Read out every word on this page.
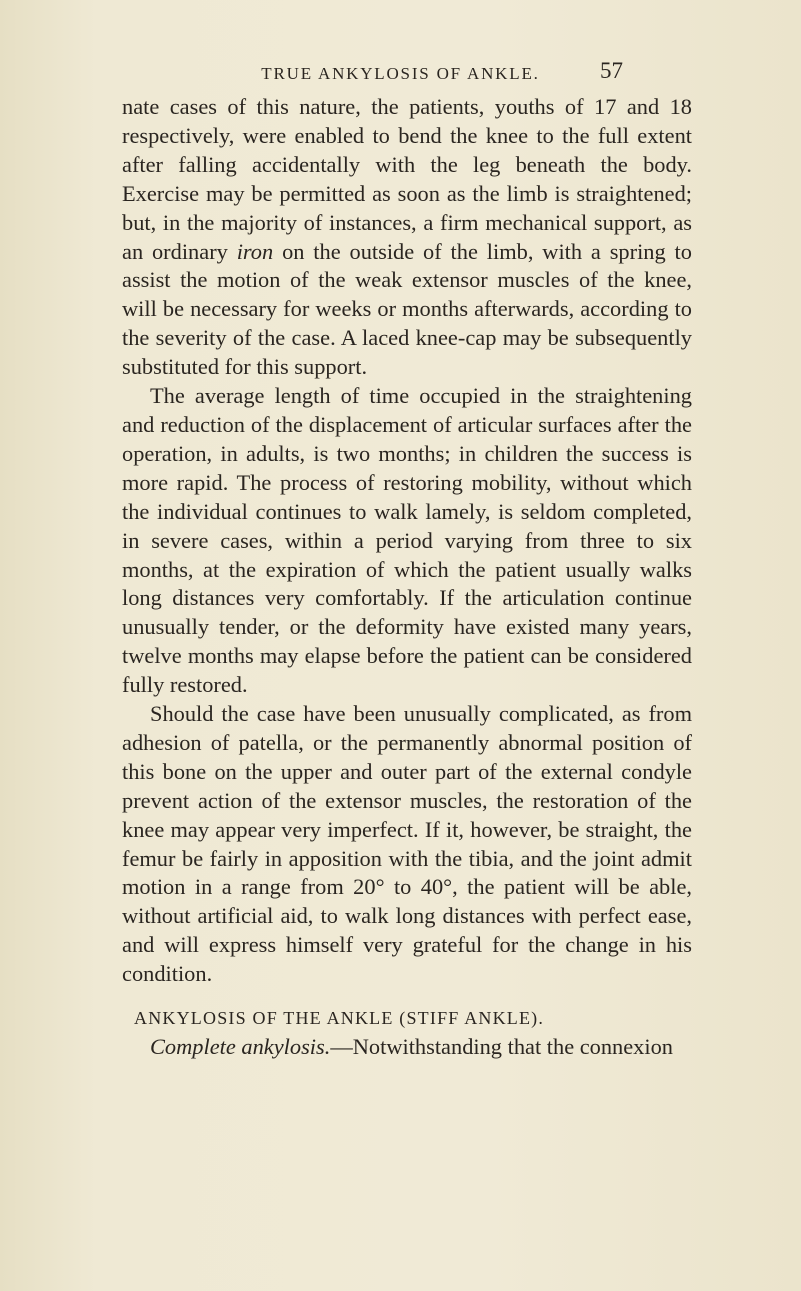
TRUE ANKYLOSIS OF ANKLE.	57

nate cases of this nature, the patients, youths of 17 and 18 respectively, were enabled to bend the knee to the full extent after falling accidentally with the leg beneath the body. Exercise may be permitted as soon as the limb is straightened; but, in the majority of instances, a firm mechanical support, as an ordinary iron on the outside of the limb, with a spring to assist the motion of the weak extensor muscles of the knee, will be necessary for weeks or months afterwards, according to the severity of the case. A laced knee-cap may be subsequently substituted for this support.

The average length of time occupied in the straightening and reduction of the displacement of articular surfaces after the operation, in adults, is two months; in children the success is more rapid. The process of restoring mobility, without which the individual continues to walk lamely, is seldom completed, in severe cases, within a period varying from three to six months, at the expiration of which the patient usually walks long distances very comfortably. If the articulation continue unusually tender, or the deformity have existed many years, twelve months may elapse before the patient can be considered fully restored.

Should the case have been unusually complicated, as from adhesion of patella, or the permanently abnormal position of this bone on the upper and outer part of the external condyle prevent action of the extensor muscles, the restoration of the knee may appear very imperfect. If it, however, be straight, the femur be fairly in apposition with the tibia, and the joint admit motion in a range from 20° to 40°, the patient will be able, without artificial aid, to walk long distances with perfect ease, and will express himself very grateful for the change in his condition.

ANKYLOSIS OF THE ANKLE (STIFF ANKLE).

Complete ankylosis.—Notwithstanding that the connexion
